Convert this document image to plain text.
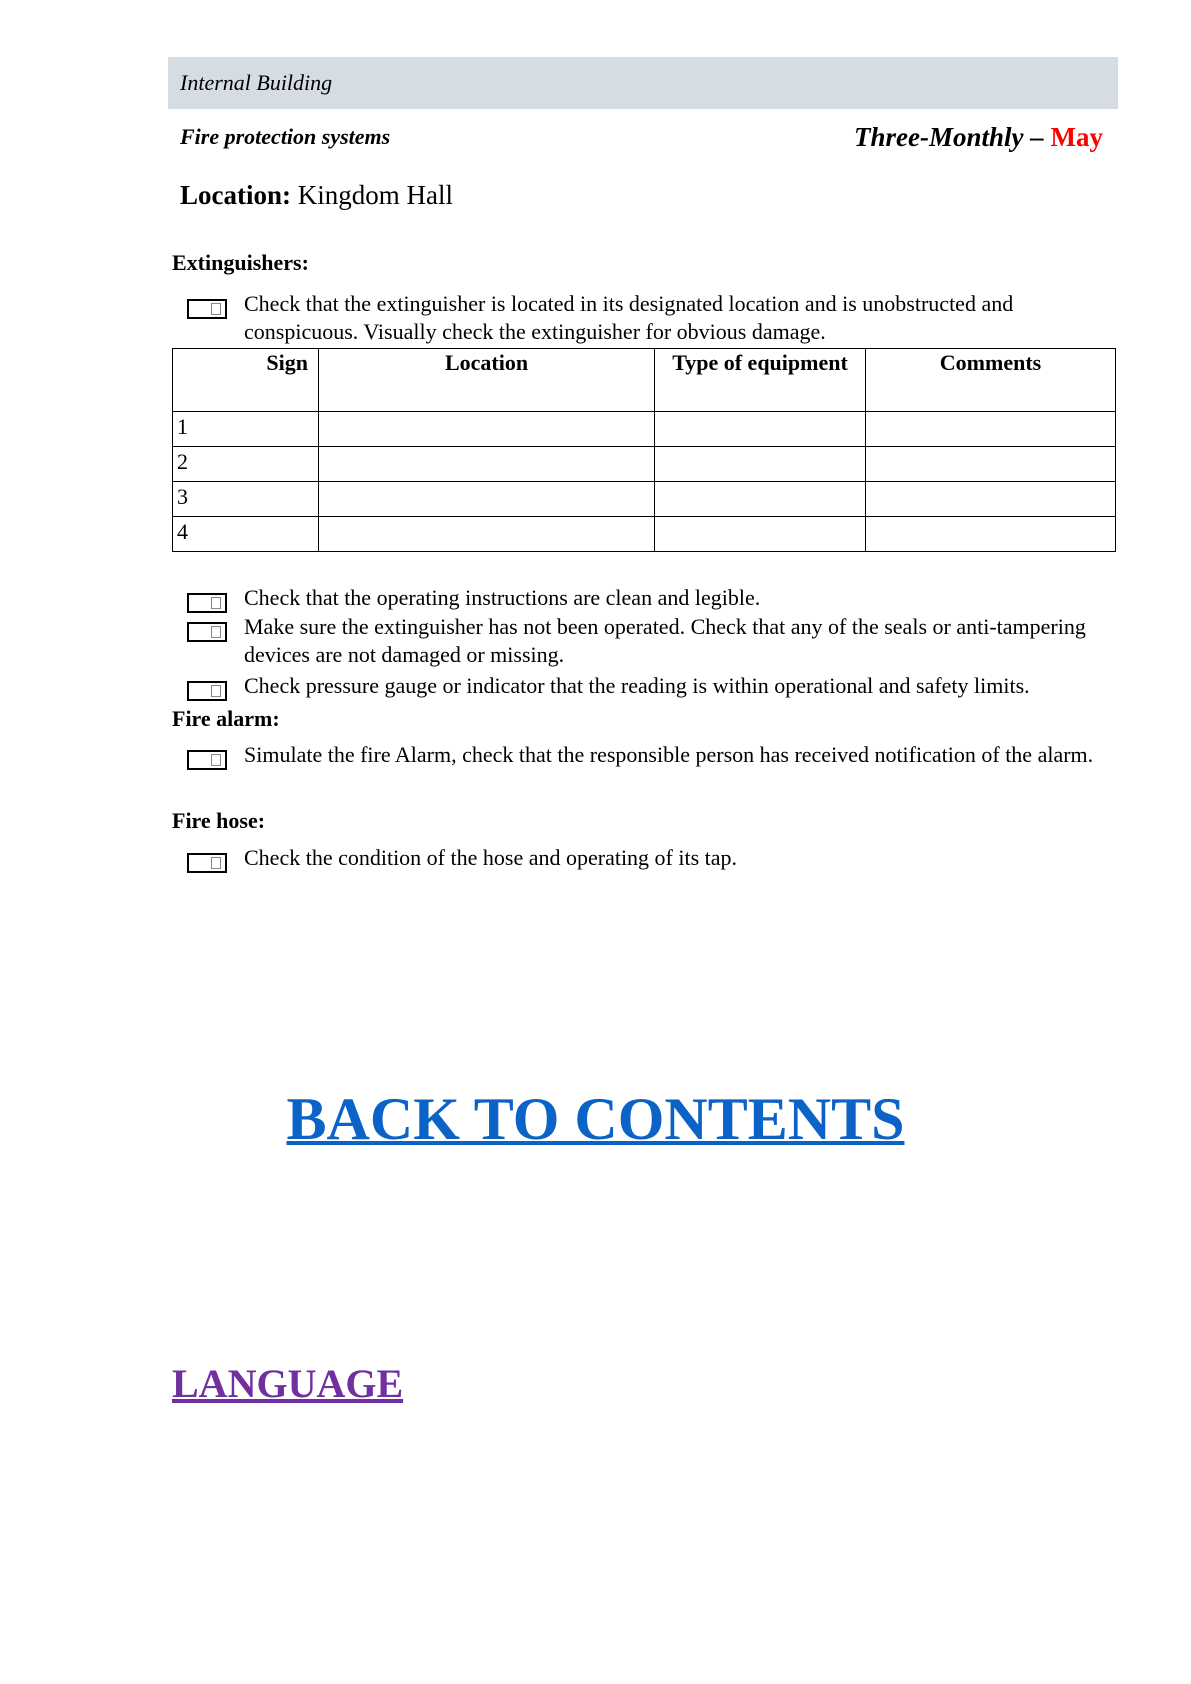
Internal Building
Fire protection systems	Three-Monthly – May
Location: Kingdom Hall
Extinguishers:
Check that the extinguisher is located in its designated location and is unobstructed and conspicuous. Visually check the extinguisher for obvious damage.
Sign	Location	Type of equipment	Comments
1			
2			
3			
4			
Check that the operating instructions are clean and legible.
Make sure the extinguisher has not been operated. Check that any of the seals or anti-tampering devices are not damaged or missing.
Check pressure gauge or indicator that the reading is within operational and safety limits.
Fire alarm:
Simulate the fire Alarm, check that the responsible person has received notification of the alarm.
Fire hose:
Check the condition of the hose and operating of its tap.
BACK TO CONTENTS
LANGUAGE
